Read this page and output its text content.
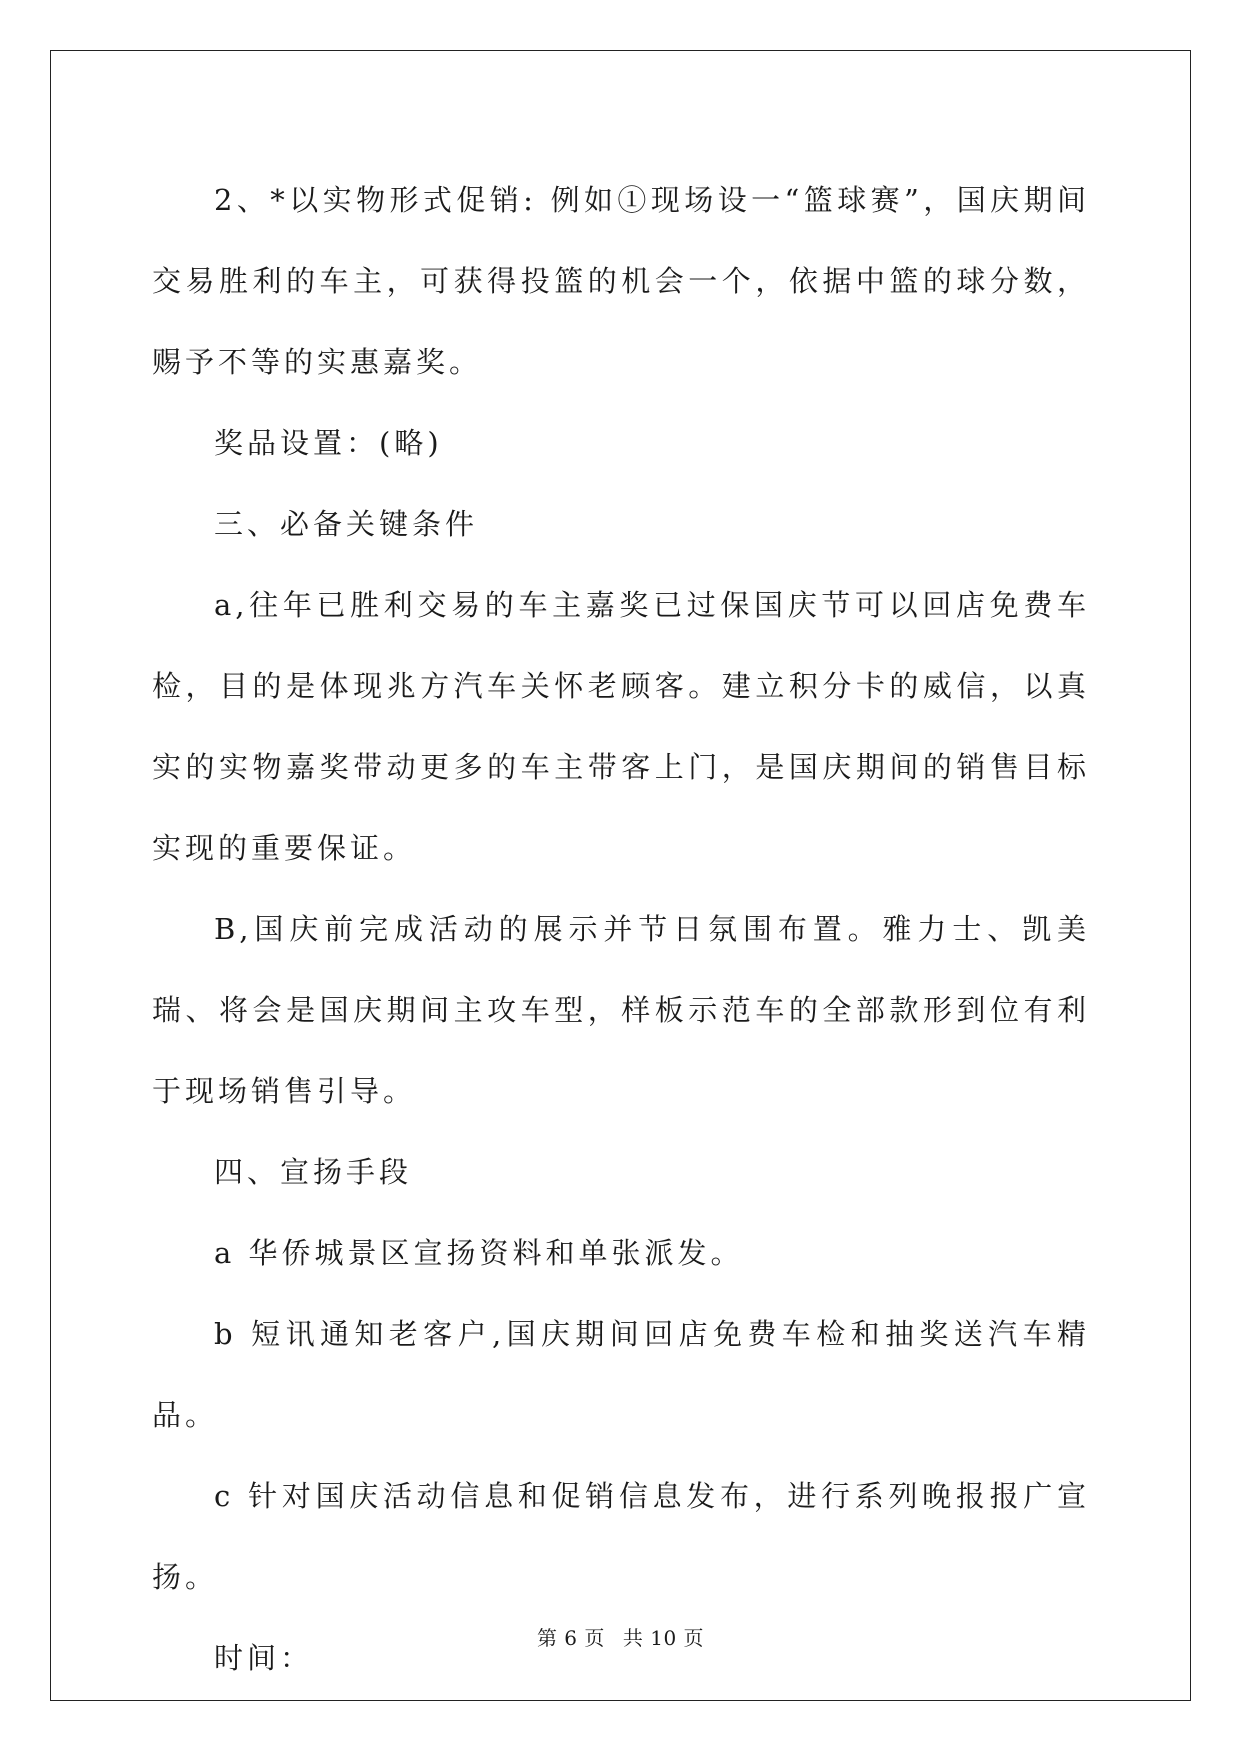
2、*以实物形式促销: 例如①现场设一“篮球赛”，国庆期间交易胜利的车主，可获得投篮的机会一个，依据中篮的球分数，赐予不等的实惠嘉奖。

奖品设置：(略)

三、必备关键条件

a,往年已胜利交易的车主嘉奖已过保国庆节可以回店免费车检，目的是体现兆方汽车关怀老顾客。建立积分卡的威信，以真实的实物嘉奖带动更多的车主带客上门，是国庆期间的销售目标实现的重要保证。

B,国庆前完成活动的展示并节日氛围布置。雅力士、凯美瑞、将会是国庆期间主攻车型，样板示范车的全部款形到位有利于现场销售引导。

四、宣扬手段

a 华侨城景区宣扬资料和单张派发。

b 短讯通知老客户,国庆期间回店免费车检和抽奖送汽车精品。

c 针对国庆活动信息和促销信息发布，进行系列晚报报广宣扬。

时间：

第 6 页 共 10 页
